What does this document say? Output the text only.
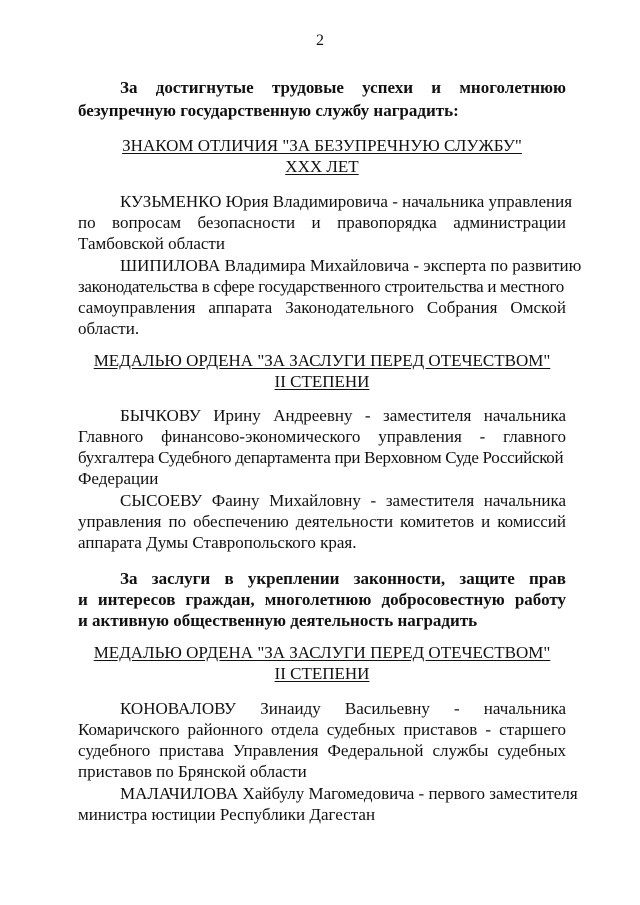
2
За достигнутые трудовые успехи и многолетнюю
безупречную государственную службу наградить:
ЗНАКОМ ОТЛИЧИЯ "ЗА БЕЗУПРЕЧНУЮ СЛУЖБУ"
XXX ЛЕТ
КУЗЬМЕНКО Юрия Владимировича - начальника управления
по вопросам безопасности и правопорядка администрации
Тамбовской области
ШИПИЛОВА Владимира Михайловича - эксперта по развитию
законодательства в сфере государственного строительства и местного
самоуправления аппарата Законодательного Собрания Омской
области.
МЕДАЛЬЮ ОРДЕНА "ЗА ЗАСЛУГИ ПЕРЕД ОТЕЧЕСТВОМ"
II СТЕПЕНИ
БЫЧКОВУ Ирину Андреевну - заместителя начальника
Главного финансово-экономического управления - главного
бухгалтера Судебного департамента при Верховном Суде Российской
Федерации
СЫСОЕВУ Фаину Михайловну - заместителя начальника
управления по обеспечению деятельности комитетов и комиссий
аппарата Думы Ставропольского края.
За заслуги в укреплении законности, защите прав
и интересов граждан, многолетнюю добросовестную работу
и активную общественную деятельность наградить
МЕДАЛЬЮ ОРДЕНА "ЗА ЗАСЛУГИ ПЕРЕД ОТЕЧЕСТВОМ"
II СТЕПЕНИ
КОНОВАЛОВУ Зинаиду Васильевну - начальника
Комаричского районного отдела судебных приставов - старшего
судебного пристава Управления Федеральной службы судебных
приставов по Брянской области
МАЛАЧИЛОВА Хайбулу Магомедовича - первого заместителя
министра юстиции Республики Дагестан
